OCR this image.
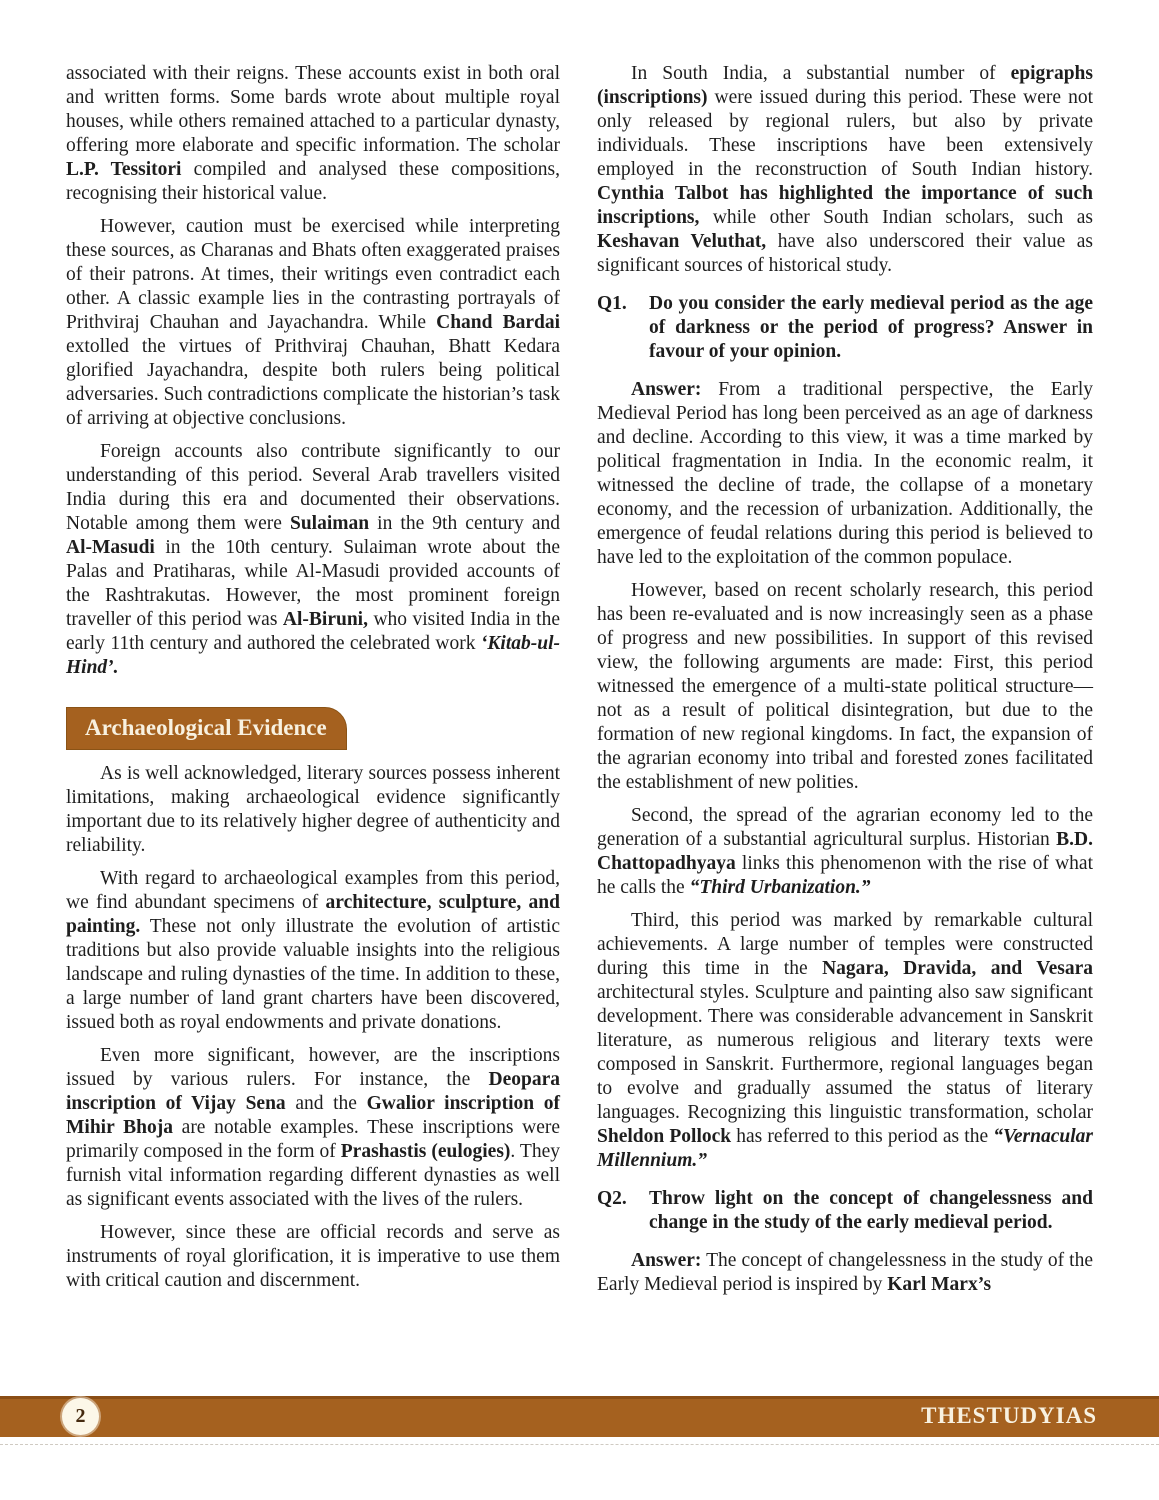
associated with their reigns. These accounts exist in both oral and written forms. Some bards wrote about multiple royal houses, while others remained attached to a particular dynasty, offering more elaborate and specific information. The scholar L.P. Tessitori compiled and analysed these compositions, recognising their historical value.

However, caution must be exercised while interpreting these sources, as Charanas and Bhats often exaggerated praises of their patrons. At times, their writings even contradict each other. A classic example lies in the contrasting portrayals of Prithviraj Chauhan and Jayachandra. While Chand Bardai extolled the virtues of Prithviraj Chauhan, Bhatt Kedara glorified Jayachandra, despite both rulers being political adversaries. Such contradictions complicate the historian’s task of arriving at objective conclusions.

Foreign accounts also contribute significantly to our understanding of this period. Several Arab travellers visited India during this era and documented their observations. Notable among them were Sulaiman in the 9th century and Al-Masudi in the 10th century. Sulaiman wrote about the Palas and Pratiharas, while Al-Masudi provided accounts of the Rashtrakutas. However, the most prominent foreign traveller of this period was Al-Biruni, who visited India in the early 11th century and authored the celebrated work ‘Kitab-ul-Hind’.

Archaeological Evidence

As is well acknowledged, literary sources possess inherent limitations, making archaeological evidence significantly important due to its relatively higher degree of authenticity and reliability.

With regard to archaeological examples from this period, we find abundant specimens of architecture, sculpture, and painting. These not only illustrate the evolution of artistic traditions but also provide valuable insights into the religious landscape and ruling dynasties of the time. In addition to these, a large number of land grant charters have been discovered, issued both as royal endowments and private donations.

Even more significant, however, are the inscriptions issued by various rulers. For instance, the Deopara inscription of Vijay Sena and the Gwalior inscription of Mihir Bhoja are notable examples. These inscriptions were primarily composed in the form of Prashastis (eulogies). They furnish vital information regarding different dynasties as well as significant events associated with the lives of the rulers.

However, since these are official records and serve as instruments of royal glorification, it is imperative to use them with critical caution and discernment.

In South India, a substantial number of epigraphs (inscriptions) were issued during this period. These were not only released by regional rulers, but also by private individuals. These inscriptions have been extensively employed in the reconstruction of South Indian history. Cynthia Talbot has highlighted the importance of such inscriptions, while other South Indian scholars, such as Keshavan Veluthat, have also underscored their value as significant sources of historical study.

Q1.	Do you consider the early medieval period as the age of darkness or the period of progress? Answer in favour of your opinion.

Answer: From a traditional perspective, the Early Medieval Period has long been perceived as an age of darkness and decline. According to this view, it was a time marked by political fragmentation in India. In the economic realm, it witnessed the decline of trade, the collapse of a monetary economy, and the recession of urbanization. Additionally, the emergence of feudal relations during this period is believed to have led to the exploitation of the common populace.

However, based on recent scholarly research, this period has been re-evaluated and is now increasingly seen as a phase of progress and new possibilities. In support of this revised view, the following arguments are made: First, this period witnessed the emergence of a multi-state political structure—not as a result of political disintegration, but due to the formation of new regional kingdoms. In fact, the expansion of the agrarian economy into tribal and forested zones facilitated the establishment of new polities.

Second, the spread of the agrarian economy led to the generation of a substantial agricultural surplus. Historian B.D. Chattopadhyaya links this phenomenon with the rise of what he calls the “Third Urbanization.”

Third, this period was marked by remarkable cultural achievements. A large number of temples were constructed during this time in the Nagara, Dravida, and Vesara architectural styles. Sculpture and painting also saw significant development. There was considerable advancement in Sanskrit literature, as numerous religious and literary texts were composed in Sanskrit. Furthermore, regional languages began to evolve and gradually assumed the status of literary languages. Recognizing this linguistic transformation, scholar Sheldon Pollock has referred to this period as the “Vernacular Millennium.”

Q2.	Throw light on the concept of changelessness and change in the study of the early medieval period.

Answer: The concept of changelessness in the study of the Early Medieval period is inspired by Karl Marx’s

2	THESTUDYIAS
